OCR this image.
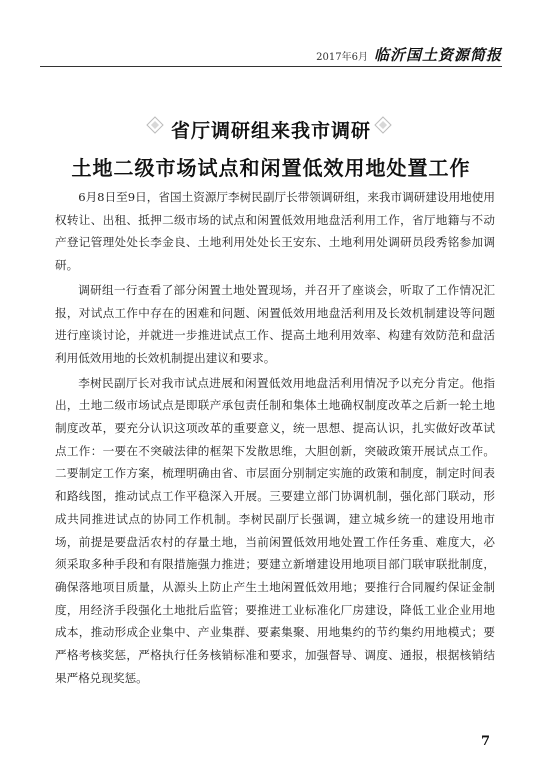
2017年6月 临沂国土资源简报
省厅调研组来我市调研
土地二级市场试点和闲置低效用地处置工作

6月8日至9日，省国土资源厅李树民副厅长带领调研组，来我市调研建设用地使用权转让、出租、抵押二级市场的试点和闲置低效用地盘活利用工作，省厅地籍与不动产登记管理处处长李金良、土地利用处处长王安东、土地利用处调研员段秀铭参加调研。

调研组一行查看了部分闲置土地处置现场，并召开了座谈会，听取了工作情况汇报，对试点工作中存在的困难和问题、闲置低效用地盘活利用及长效机制建设等问题进行座谈讨论，并就进一步推进试点工作、提高土地利用效率、构建有效防范和盘活利用低效用地的长效机制提出建议和要求。

李树民副厅长对我市试点进展和闲置低效用地盘活利用情况予以充分肯定。他指出，土地二级市场试点是即联产承包责任制和集体土地确权制度改革之后新一轮土地制度改革，要充分认识这项改革的重要意义，统一思想、提高认识，扎实做好改革试点工作：一要在不突破法律的框架下发散思维，大胆创新，突破政策开展试点工作。二要制定工作方案，梳理明确由省、市层面分别制定实施的政策和制度，制定时间表和路线图，推动试点工作平稳深入开展。三要建立部门协调机制，强化部门联动，形成共同推进试点的协同工作机制。李树民副厅长强调，建立城乡统一的建设用地市场，前提是要盘活农村的存量土地，当前闲置低效用地处置工作任务重、难度大，必须采取多种手段和有限措施强力推进；要建立新增建设用地项目部门联审联批制度，确保落地项目质量，从源头上防止产生土地闲置低效用地；要推行合同履约保证金制度，用经济手段强化土地批后监管；要推进工业标准化厂房建设，降低工业企业用地成本，推动形成企业集中、产业集群、要素集聚、用地集约的节约集约用地模式；要严格考核奖惩，严格执行任务核销标准和要求，加强督导、调度、通报，根据核销结果严格兑现奖惩。

7
